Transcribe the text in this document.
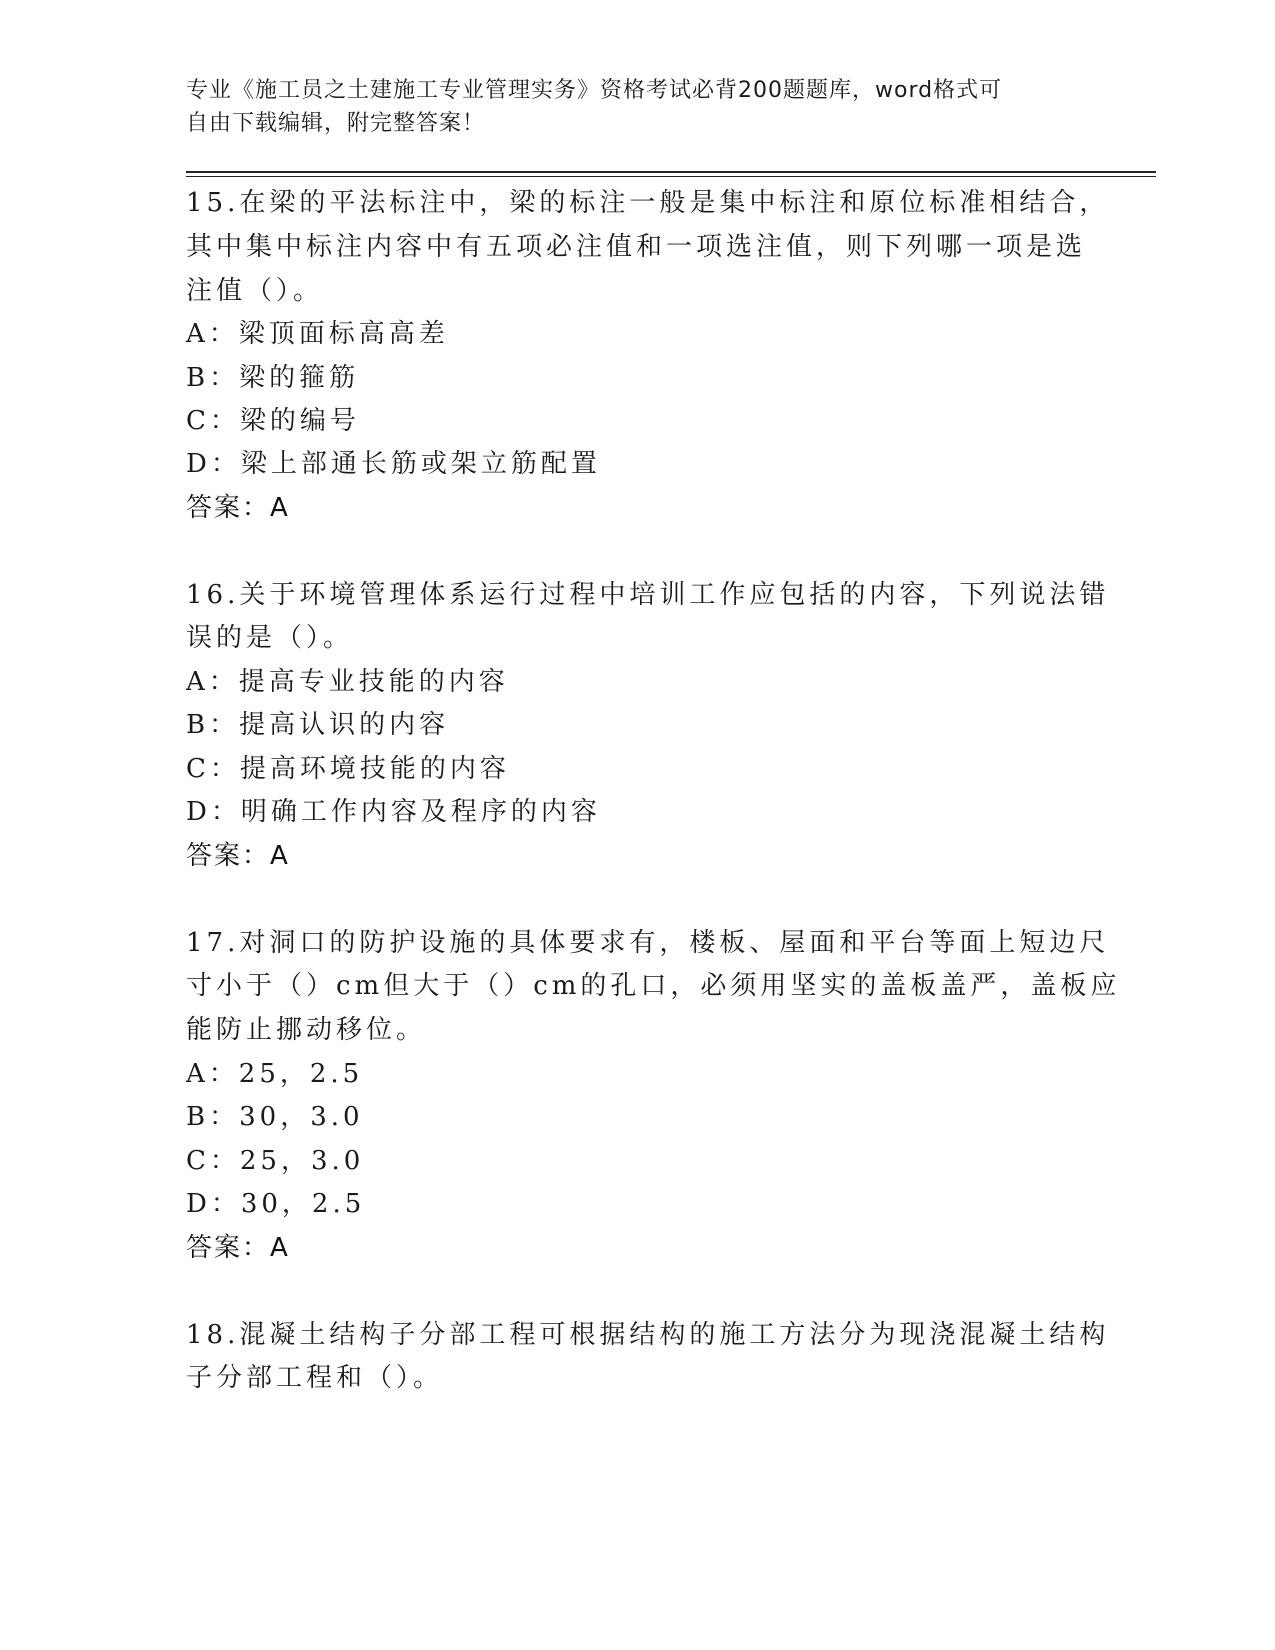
专业《施工员之土建施工专业管理实务》资格考试必背200题题库，word格式可
自由下载编辑，附完整答案！
15.在梁的平法标注中，梁的标注一般是集中标注和原位标准相结合，
其中集中标注内容中有五项必注值和一项选注值，则下列哪一项是选
注值（）。
A：梁顶面标高高差
B：梁的箍筋
C：梁的编号
D：梁上部通长筋或架立筋配置
答案：A
16.关于环境管理体系运行过程中培训工作应包括的内容，下列说法错
误的是（）。
A：提高专业技能的内容
B：提高认识的内容
C：提高环境技能的内容
D：明确工作内容及程序的内容
答案：A
17.对洞口的防护设施的具体要求有，楼板、屋面和平台等面上短边尺
寸小于（）cm但大于（）cm的孔口，必须用坚实的盖板盖严，盖板应
能防止挪动移位。
A：25，2.5
B：30，3.0
C：25，3.0
D：30，2.5
答案：A
18.混凝土结构子分部工程可根据结构的施工方法分为现浇混凝土结构
子分部工程和（）。
